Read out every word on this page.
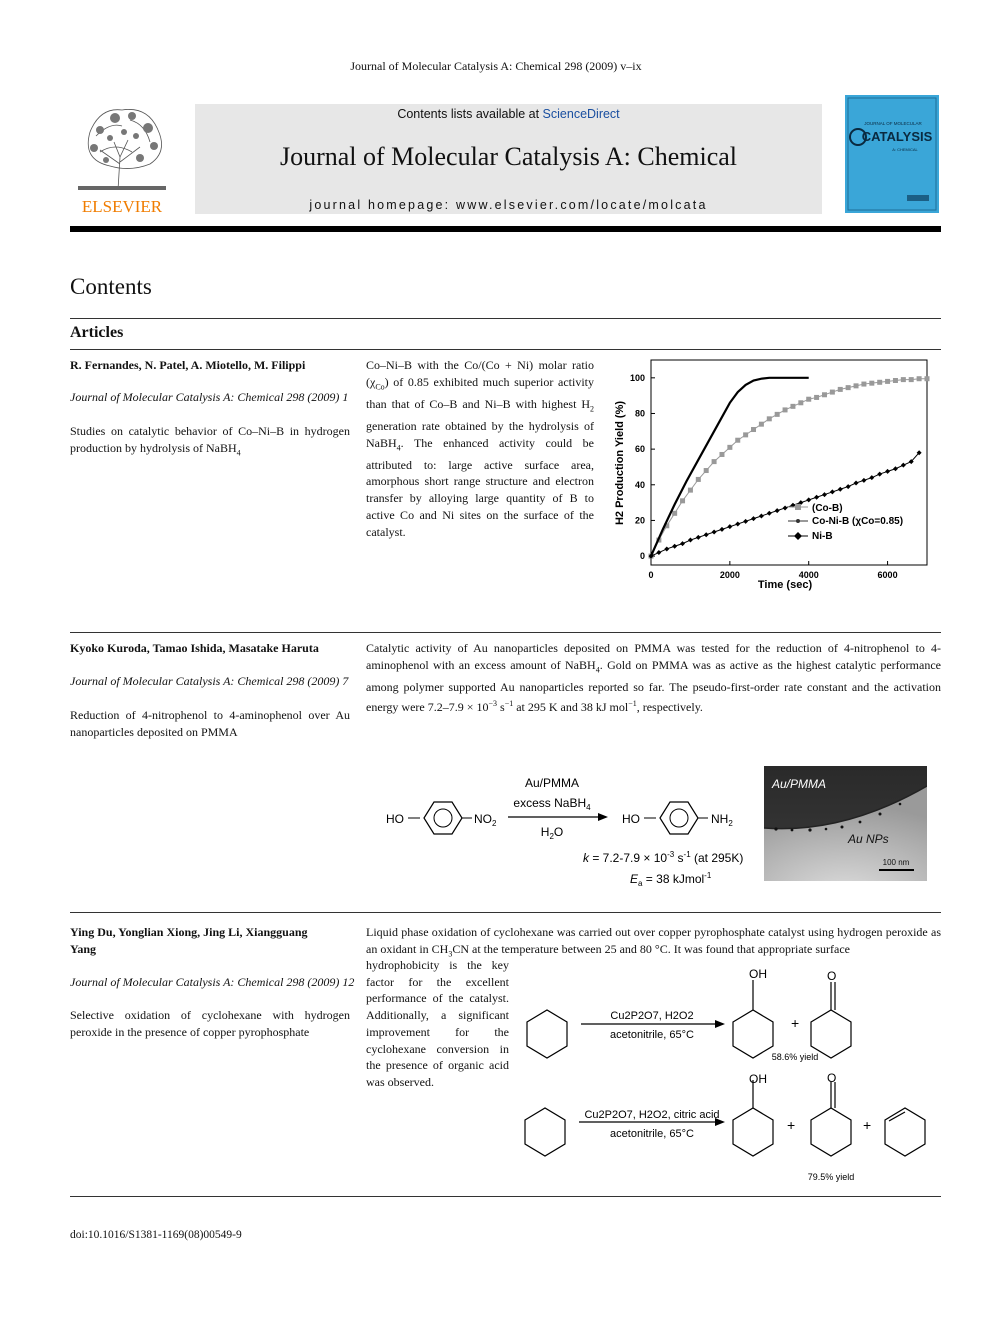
Journal of Molecular Catalysis A: Chemical 298 (2009) v–ix
ELSEVIER
Contents lists available at ScienceDirect
Journal of Molecular Catalysis A: Chemical
journal homepage: www.elsevier.com/locate/molcata
JOURNAL OF MOLECULAR
CATALYSIS
A: CHEMICAL
Contents
Articles
R. Fernandes, N. Patel, A. Miotello, M. Filippi
Journal of Molecular Catalysis A: Chemical 298 (2009) 1
Studies on catalytic behavior of Co–Ni–B in hydrogen production by hydrolysis of NaBH$_4$
Co–Ni–B with the Co/(Co + Ni) molar ratio $(\chi_{Co})$ of 0.85 exhibited much superior activity than that of Co–B and Ni–B with highest $H_2$ generation rate obtained by the hydrolysis of NaBH$_4$. The enhanced activity could be attributed to: large active surface area, amorphous short range structure and electron transfer by alloying large quantity of B to active Co and Ni sites on the surface of the catalyst.
0
20
40
60
80
100
0	2000	4000	6000
(Co-B)
Co-Ni-B (χCo=0.85)
Ni-B
Time (sec)
H2 Production Yield (%)
Kyoko Kuroda, Tamao Ishida, Masatake Haruta
Journal of Molecular Catalysis A: Chemical 298 (2009) 7
Reduction of 4-nitrophenol to 4-aminophenol over Au nanoparticles deposited on PMMA
Catalytic activity of Au nanoparticles deposited on PMMA was tested for the reduction of 4-nitrophenol to 4-aminophenol with an excess amount of NaBH$_4$. Gold on PMMA was as active as the highest catalytic performance among polymer supported Au nanoparticles reported so far. The pseudo-first-order rate constant and the activation energy were $7.2-7.9 \times 10^{-3}$ $s^{-1}$ at 295 K and 38 kJ mol$^{-1}$, respectively.
HO	$NO_2$
Au/PMMA
excess NaBH$_4$
$H_2O$
HO	$NH_2$
$k = 7.2-7.9 \times 10^{-3}$ $s^{-1}$ (at 295K)
$E_a = 38$ kJmol$^{-1}$
Au/PMMA
Au NPs
100 nm
Ying Du, Yonglian Xiong, Jing Li, Xiangguang Yang
Journal of Molecular Catalysis A: Chemical 298 (2009) 12
Selective oxidation of cyclohexane with hydrogen peroxide in the presence of copper pyrophosphate
Liquid phase oxidation of cyclohexane was carried out over copper pyrophosphate catalyst using hydrogen peroxide as an oxidant in $CH_3CN$ at the temperature between 25 and 80 °C. It was found that appropriate surface
hydrophobicity is the key factor for the excellent performance of the catalyst. Additionally, a significant improvement for the cyclohexane conversion in the presence of organic acid was observed.
OH	O
+
Cu2P2O7, H2O2
acetonitrile, 65°C
58.6% yield
OH	O
+	+
Cu2P2O7, H2O2, citric acid
acetonitrile, 65°C
79.5% yield
doi:10.1016/S1381-1169(08)00549-9
